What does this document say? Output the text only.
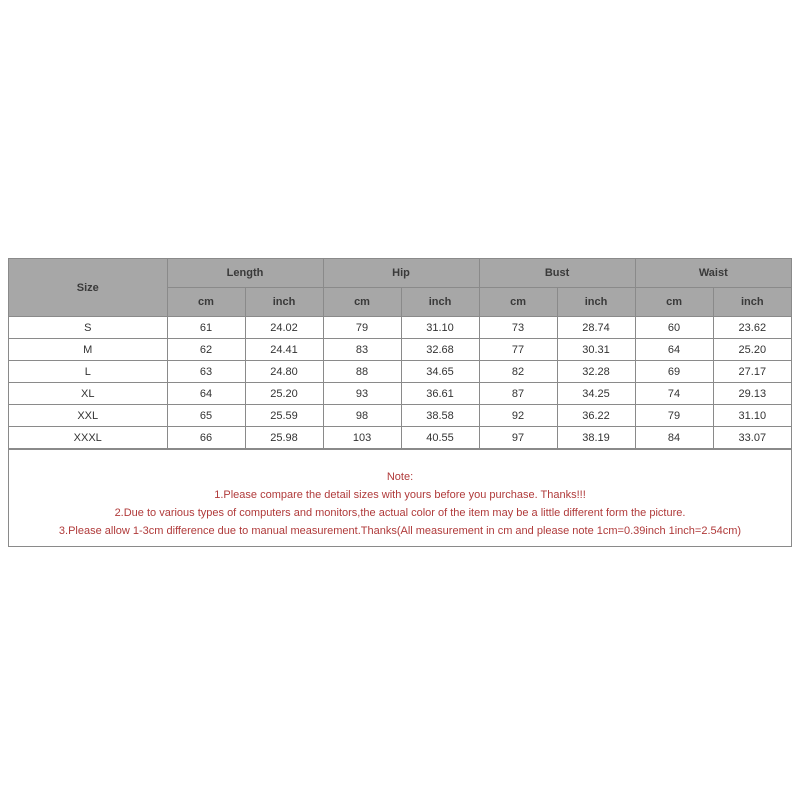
Size	Length		Hip		Bust		Waist	
	cm	inch	cm	inch	cm	inch	cm	inch
S	61	24.02	79	31.10	73	28.74	60	23.62
M	62	24.41	83	32.68	77	30.31	64	25.20
L	63	24.80	88	34.65	82	32.28	69	27.17
XL	64	25.20	93	36.61	87	34.25	74	29.13
XXL	65	25.59	98	38.58	92	36.22	79	31.10
XXXL	66	25.98	103	40.55	97	38.19	84	33.07
Note:
1.Please compare the detail sizes with yours before you purchase. Thanks!!!
2.Due to various types of computers and monitors,the actual color of the item may be a little different form the picture.
3.Please allow 1-3cm difference due to manual measurement.Thanks(All measurement in cm and please note 1cm=0.39inch 1inch=2.54cm)
